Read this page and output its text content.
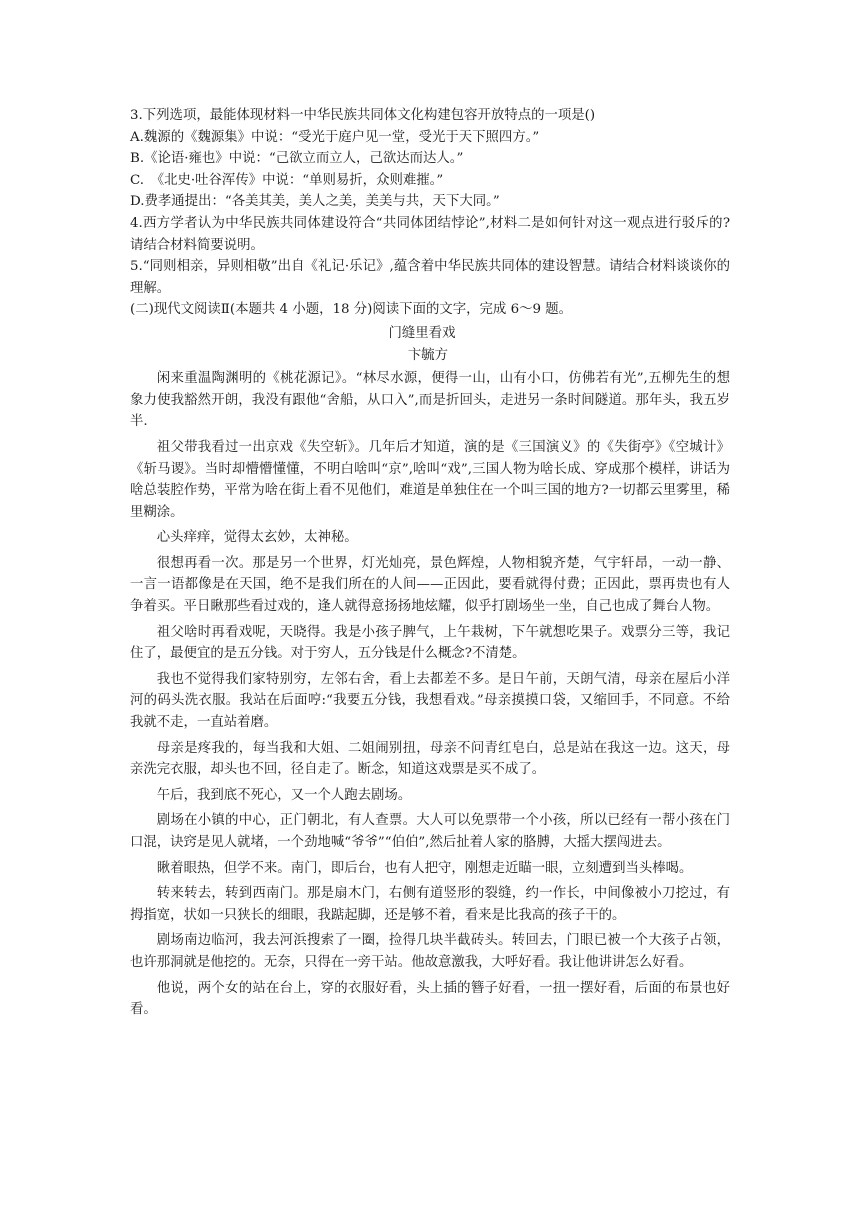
3.下列选项，最能体现材料一中华民族共同体文化构建包容开放特点的一项是()

A.魏源的《魏源集》中说：“受光于庭户见一堂，受光于天下照四方。”

B.《论语·雍也》中说：“己欲立而立人，己欲达而达人。”

C.　《北史·吐谷浑传》中说：“单则易折，众则难摧。”

D.费孝通提出：“各美其美，美人之美，美美与共，天下大同。”

4.西方学者认为中华民族共同体建设符合“共同体团结悖论”,材料二是如何针对这一观点进行驳斥的?请结合材料简要说明。

5.“同则相亲，异则相敬”出自《礼记·乐记》,蕴含着中华民族共同体的建设智慧。请结合材料谈谈你的理解。

(二)现代文阅读Ⅱ(本题共 4 小题，18 分)阅读下面的文字，完成 6～9 题。

门缝里看戏

卞毓方

闲来重温陶渊明的《桃花源记》。“林尽水源，便得一山，山有小口，仿佛若有光”,五柳先生的想象力使我豁然开朗，我没有跟他“舍船，从口入”,而是折回头，走进另一条时间隧道。那年头，我五岁半.

祖父带我看过一出京戏《失空斩》。几年后才知道，演的是《三国演义》的《失街亭》《空城计》《斩马谡》。当时却懵懵懂懂，不明白啥叫“京”,啥叫“戏”,三国人物为啥长成、穿成那个模样，讲话为啥总装腔作势，平常为啥在街上看不见他们，难道是单独住在一个叫三国的地方?一切都云里雾里，稀里糊涂。

心头痒痒，觉得太玄妙，太神秘。

很想再看一次。那是另一个世界，灯光灿亮，景色辉煌，人物相貌齐楚，气宇轩昂，一动一静、一言一语都像是在天国，绝不是我们所在的人间——正因此，要看就得付费；正因此，票再贵也有人争着买。平日瞅那些看过戏的，逢人就得意扬扬地炫耀，似乎打剧场坐一坐，自己也成了舞台人物。

祖父啥时再看戏呢，天晓得。我是小孩子脾气，上午栽树，下午就想吃果子。戏票分三等，我记住了，最便宜的是五分钱。对于穷人，五分钱是什么概念?不清楚。

我也不觉得我们家特别穷，左邻右舍，看上去都差不多。是日午前，天朗气清，母亲在屋后小洋河的码头洗衣服。我站在后面哼:“我要五分钱，我想看戏。”母亲摸摸口袋，又缩回手，不同意。不给我就不走，一直站着磨。

母亲是疼我的，每当我和大姐、二姐闹别扭，母亲不问青红皂白，总是站在我这一边。这天，母亲洗完衣服，却头也不回，径自走了。断念，知道这戏票是买不成了。

午后，我到底不死心，又一个人跑去剧场。

剧场在小镇的中心，正门朝北，有人查票。大人可以免票带一个小孩，所以已经有一帮小孩在门口混，诀窍是见人就堵，一个劲地喊“爷爷”“伯伯”,然后扯着人家的胳膊，大摇大摆闯进去。

瞅着眼热，但学不来。南门，即后台，也有人把守，刚想走近瞄一眼，立刻遭到当头棒喝。

转来转去，转到西南门。那是扇木门，右侧有道竖形的裂缝，约一作长，中间像被小刀挖过，有拇指宽，状如一只狭长的细眼，我踮起脚，还是够不着，看来是比我高的孩子干的。

剧场南边临河，我去河浜搜索了一圈，捡得几块半截砖头。转回去，门眼已被一个大孩子占领，也许那洞就是他挖的。无奈，只得在一旁干站。他故意激我，大呼好看。我让他讲讲怎么好看。

他说，两个女的站在台上，穿的衣服好看，头上插的簪子好看，一扭一摆好看，后面的布景也好看。
